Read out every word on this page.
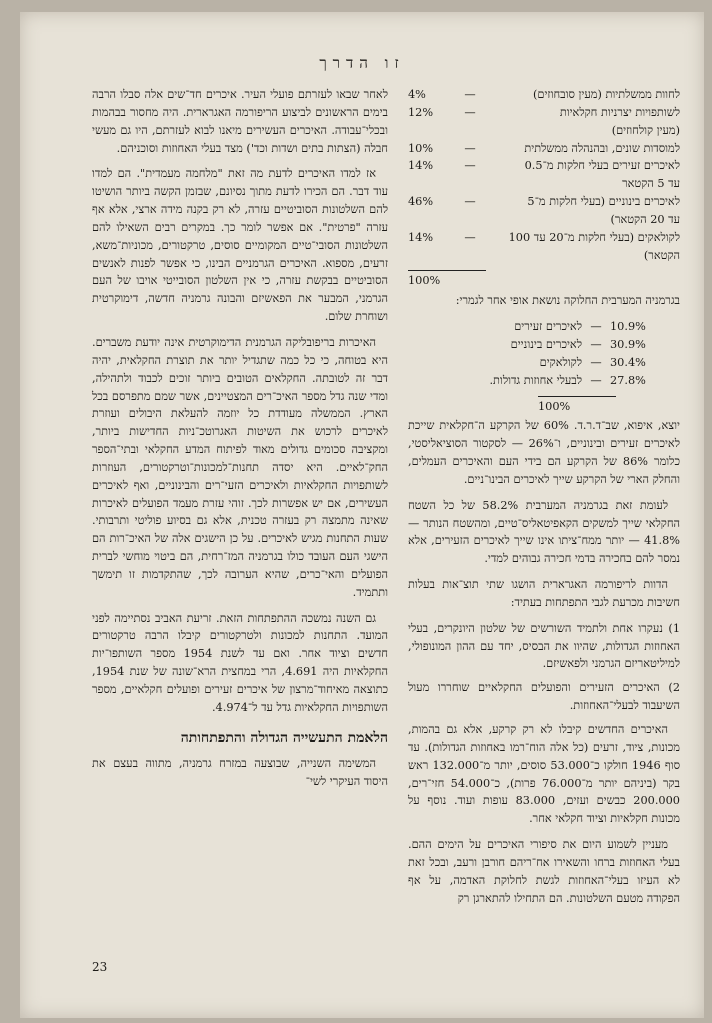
זו הדרך
לחוות ממשלתיות (מעין סובחוזים)
—
4%
לשותפויות יצרניות חקלאיות
—
12%
(מעין קולחוזים)
למוסדות שונים, ובהנהלה ממשלתית
—
10%
לאיכרים זעירים בעלי חלקות מ־0.5
—
14%
עד 5 הקטאר
לאיכרים בינוניים (בעלי חלקות מ־5
—
46%
עד 20 הקטאר)
לקולאקים (בעלי חלקות מ־20 עד 100
—
14%
הקטאר)
100%

בגרמניה המערבית החלוקה נושאת אופי אחר לגמרי:

10.9%
—
לאיכרים זעירים
30.9%
—
לאיכרים בינוניים
30.4%
—
לקולאקים
27.8%
—
לבעלי אחוזות גדולות.
100%

יוצא, איפוא, שב־ד.ר.ד. 60% של הקרקע ה־חקלאית שייכת לאיכרים זעירים ובינוניים, ו־26% — לסקטור הסוציאליסטי, כלומר 86% של הקרקע הם בידי העם והאיכרים העמלים, והחלק הארי של הקרקע שייך לאיכרים הבינו־ניים.

לעומת זאת בגרמניה המערבית 58.2% של כל השטח החקלאי שייך למשקים הקאפיטאליס־טיים, ומהשטח הנותר — 41.8% — יותר ממח־ציתו אינו שייך לאיכרים הזעירים, אלא נמסר להם בחכירה בדמי חכירה גבוהים למדי.

הדוות לריפורמה האגרארית הושגו שתי תוצ־אות בעלות חשיבות מכרעת לגבי התפתחות בעתיד:

1) נעקרו אחת ולתמיד השורשים של שלטון היונקרים, בעלי האחוזות הגדולות, שהיוו את הבסיס, יחד עם ההון המונופולי, למיליטאריזם הגרמני ולפאשיזם.

2) האיכרים הזעירים והפועלים החקלאיים שוחררו מעול השיעבוד לבעלי־האחוזות.

האיכרים החדשים קיבלו לא רק קרקע, אלא גם בהמות, מכונות, ציוד, זרעים (כל אלה הוח־רמו באחוזות הגדולות). עד סוף 1946 חולקו כ־53.000 סוסים, יותר מ־132.000 ראש בקר (ביניהם יותר מ־76.000 פרות), כ־54.000 חזי־רים, 200.000 כבשים ועזים, 83.000 עופות ועוד. נוסף על מכונות חקלאיות וציוד חקלאי אחר.

מעניין לשמוע היום את סיפורי האיכרים על הימים ההם. בעלי האחוזות ברחו והשאירו אח־ריהם חורבן ורעב, ובכל זאת לא העיזו בעלי־האחוזות לגשת לחלוקת האדמה, על אף הפקודה מטעם השלטונות. הם התחילו להתארגן רק

לאחר שבאו לעזרתם פועלי העיר. איכרים חד־שים אלה סבלו הרבה בימים הראשונים לביצוע הריפורמה האגרארית. היה מחסור בבהמות ובכלי־עבודה. האיכרים העשירים מיאנו לבוא לעזרתם, היו גם מעשי חבלה (הצתות בתים ושדות וכד') מצד בעלי האחוזות וסוכניהם.

אז למדו האיכרים לדעת מה זאת "מלחמה מעמדית". הם למדו עוד דבר. הם הכירו לדעת מתוך נסיונם, שבזמן הקשה ביותר הושיטו להם השלטונות הסוביטיים עזרה, לא רק בקנה מידה ארצי, אלא אף עזרה "פרטית". אם אפשר לומר כך. במקרים רבים השאילו להם השלטונות הסובי־טיים המקומיים סוסים, טרקטורים, מכוניות־משא, זרעים, מספוא. האיכרים הגרמניים הבינו, כי אפשר לפנות לאנשים הסוביטיים בבקשת עזרה, כי אין השלטון הסובייטי אויבו של העם הגרמני, המבער את הפאשיזם והבונה גרמניה חדשה, דימוקרטית ושוחרת שלום.

האיכרות בריפובליקה הגרמנית הדימוקרטית אינה יודעת משברים. היא בטוחה, כי כל כמה שתגדיל יותר את תוצרת החקלאית, יהיה דבר זה לטובתה. החקלאים הטובים ביותר זוכים לכבוד ולתהילה, ומדי שנה גדל מספר האיכ־רים המצטיינים, אשר שמם מתפרסם בכל הארץ. הממשלה מעודדת כל יוזמה להעלאת היבולים ועוזרת לאיכרים לרכוש את השיטות האגרוטכ־ניות החדישות ביותר, ומקציבה סכומים גדולים מאוד לפיתוח המדע החקלאי ובתי־הספר החק־לאיים. היא יסדה תחנות־למכונות־וטרקטורים, העוזרות לשותפויות החקלאיות ולאיכרים הזעי־רים והבינוניים, ואף לאיכרים העשירים, אם יש אפשרות לכך. זוהי עזרת מעמד הפועלים לאיכרות שאינה מתמצה רק בעזרה טכנית, אלא גם בסיוע פוליטי ותרבותי. שעות התחנות מגיש לאיכרים. על כן הישגים אלה של האיכ־רות הם הישגי העם העובד כולו בגרמניה המז־רחית, הם ביטוי מוחשי לברית הפועלים והאי־כרים, שהיא הערובה לכך, שהתקדמות זו תימשך ותתמיד.

גם השנה נמשכה ההתפתחות הזאת. זריעת האביב נסתיימה לפני המועד. התחנות למכונות ולטרקטורים קיבלו הרבה טרקטורים חדשים וציוד אחר. ואם עד לשנת 1954 מספר השותפו־יות החקלאיות היה 4.691, הרי במחצית הרא־שונה של שנת 1954, כתוצאה מאיחוד־מרצון של איכרים זעירים ופועלים חקלאיים, מספר השותפויות החקלאיות גדל עד ל־4.974.

הלאמת התעשייה הגדולה והתפתחותה

המשימה השנייה, שבוצעה במזרח גרמניה, מתווה בעצם את היסוד העיקרי לשי־

23
